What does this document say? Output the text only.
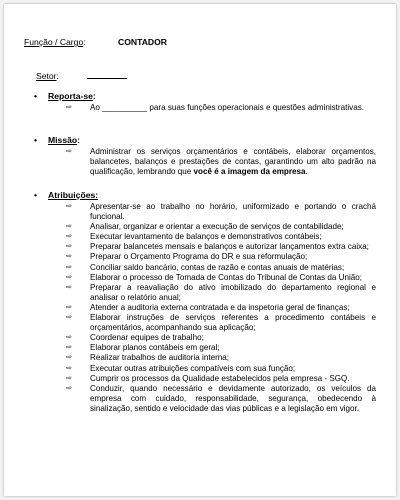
Função / Cargo:	CONTADOR
Setor:
•	Reporta-se :
⇨	Ao __________ para suas funções operacionais e questões administrativas.
•	Missão :
⇨	Administrar os serviços orçamentários e contábeis, elaborar orçamentos, balancetes, balanços e prestações de contas, garantindo um alto padrão na qualificação, lembrando que você é a imagem da empresa.
•	Atribuições:
⇨	Apresentar-se ao trabalho no horário, uniformizado e portando o crachá funcional.
⇨	Analisar, organizar e orientar a execução de serviços de contabilidade;
⇨	Executar levantamento de balanços e demonstrativos contábeis;
⇨	Preparar balancetes mensais e balanços e autorizar lançamentos extra caixa;
⇨	Preparar o Orçamento Programa do DR e sua reformulação;
⇨	Conciliar saldo bancário, contas de razão e contas anuais de matérias;
⇨	Elaborar o processo de Tomada de Contas do Tribunal de Contas da União;
⇨	Preparar a reavaliação do ativo imobilizado do departamento regional e analisar o relatório anual;
⇨	Atender a auditoria externa contratada e da inspetoria geral de finanças;
⇨	Elaborar instruções de serviços referentes a procedimento contábeis e orçamentários, acompanhando sua aplicação;
⇨	Coordenar equipes de trabalho;
⇨	Elaborar planos contábeis em geral;
⇨	Realizar trabalhos de auditoria interna;
⇨	Executar outras atribuições compatíveis com sua função;
⇨	Cumprir os processos da Qualidade estabelecidos pela empresa - SGQ.
⇨	Conduzir, quando necessário e devidamente autorizado, os veículos da empresa com cuidado, responsabilidade, segurança, obedecendo à sinalização, sentido e velocidade das vias públicas e a legislação em vigor.
